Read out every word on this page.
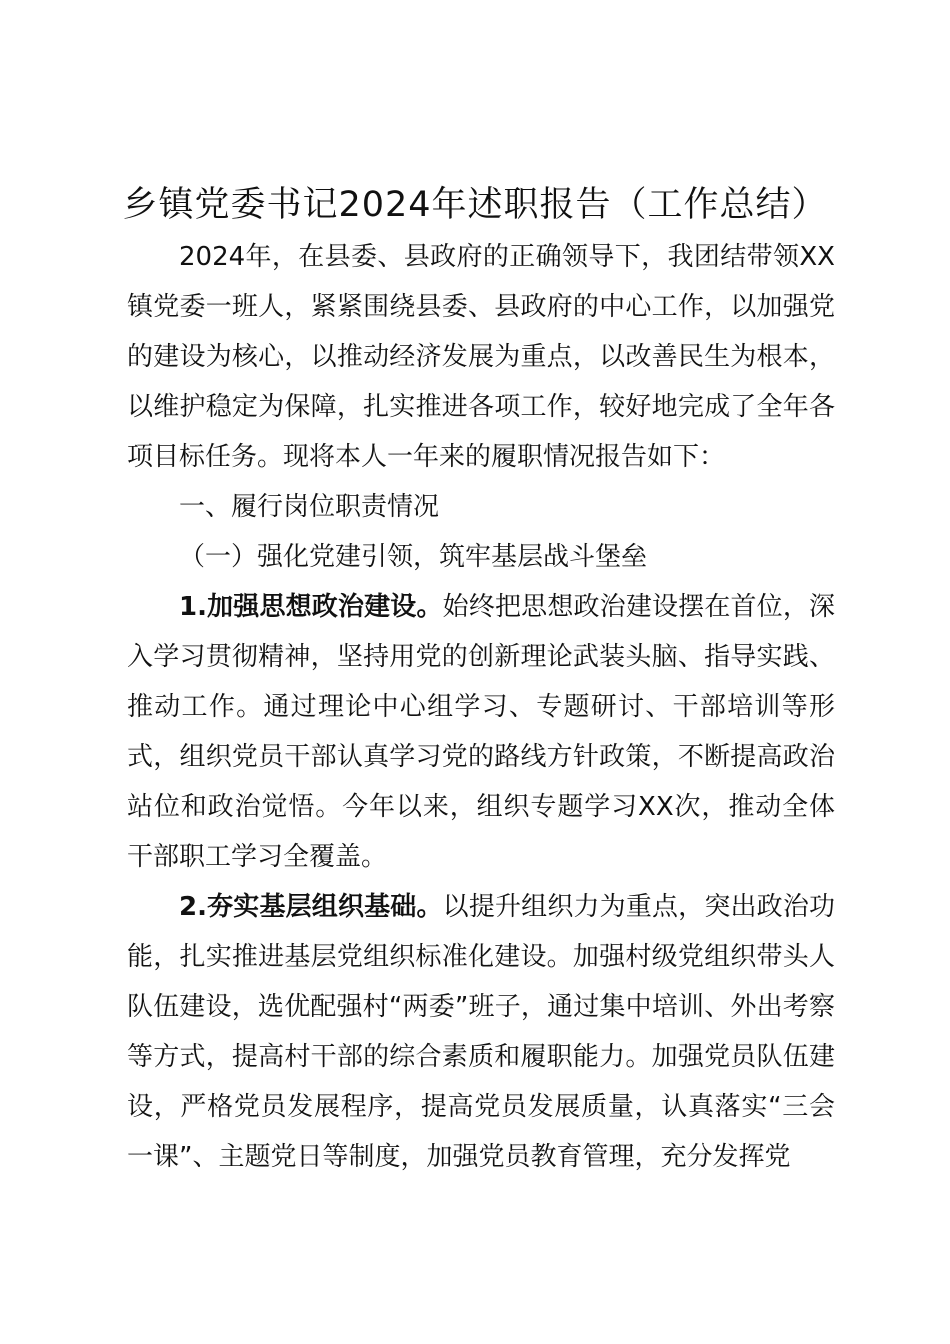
乡镇党委书记2024年述职报告（工作总结）

2024年，在县委、县政府的正确领导下，我团结带领XX镇党委一班人，紧紧围绕县委、县政府的中心工作，以加强党的建设为核心，以推动经济发展为重点，以改善民生为根本，以维护稳定为保障，扎实推进各项工作，较好地完成了全年各项目标任务。现将本人一年来的履职情况报告如下：

一、履行岗位职责情况

（一）强化党建引领，筑牢基层战斗堡垒

1.加强思想政治建设。始终把思想政治建设摆在首位，深入学习贯彻精神，坚持用党的创新理论武装头脑、指导实践、推动工作。通过理论中心组学习、专题研讨、干部培训等形式，组织党员干部认真学习党的路线方针政策，不断提高政治站位和政治觉悟。今年以来，组织专题学习XX次，推动全体干部职工学习全覆盖。

2.夯实基层组织基础。以提升组织力为重点，突出政治功能，扎实推进基层党组织标准化建设。加强村级党组织带头人队伍建设，选优配强村“两委”班子，通过集中培训、外出考察等方式，提高村干部的综合素质和履职能力。加强党员队伍建设，严格党员发展程序，提高党员发展质量，认真落实“三会一课”、主题党日等制度，加强党员教育管理，充分发挥党
